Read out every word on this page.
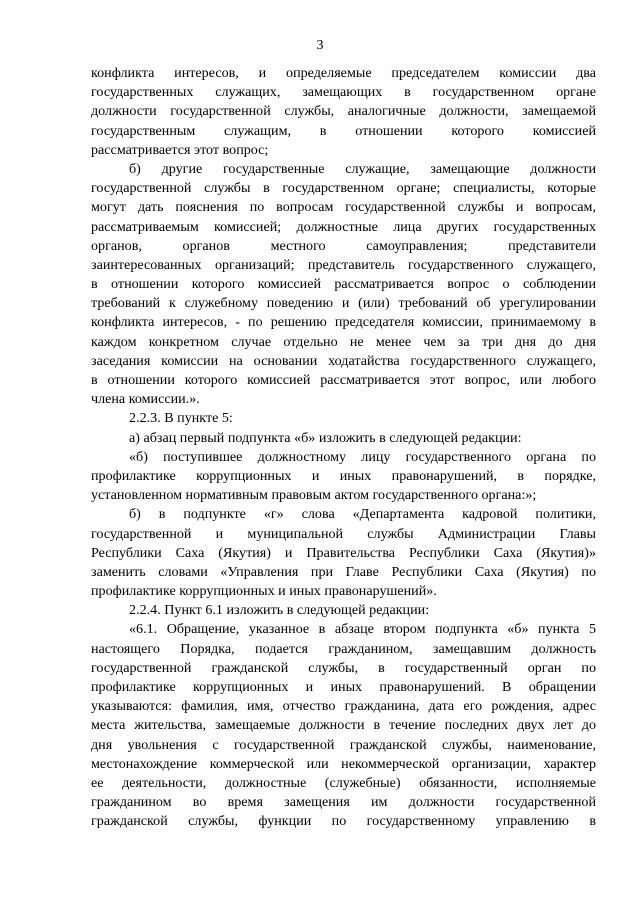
3
конфликта интересов, и определяемые председателем комиссии два
государственных служащих, замещающих в государственном органе
должности государственной службы, аналогичные должности, замещаемой
государственным служащим, в отношении которого комиссией
рассматривается этот вопрос;
б) другие государственные служащие, замещающие должности
государственной службы в государственном органе; специалисты, которые
могут дать пояснения по вопросам государственной службы и вопросам,
рассматриваемым комиссией; должностные лица других государственных
органов, органов местного самоуправления; представители
заинтересованных организаций; представитель государственного служащего,
в отношении которого комиссией рассматривается вопрос о соблюдении
требований к служебному поведению и (или) требований об урегулировании
конфликта интересов, - по решению председателя комиссии, принимаемому в
каждом конкретном случае отдельно не менее чем за три дня до дня
заседания комиссии на основании ходатайства государственного служащего,
в отношении которого комиссией рассматривается этот вопрос, или любого
члена комиссии.».
2.2.3. В пункте 5:
а) абзац первый подпункта «б» изложить в следующей редакции:
«б) поступившее должностному лицу государственного органа по
профилактике коррупционных и иных правонарушений, в порядке,
установленном нормативным правовым актом государственного органа:»;
б) в подпункте «г» слова «Департамента кадровой политики,
государственной и муниципальной службы Администрации Главы
Республики Саха (Якутия) и Правительства Республики Саха (Якутия)»
заменить словами «Управления при Главе Республики Саха (Якутия) по
профилактике коррупционных и иных правонарушений».
2.2.4. Пункт 6.1 изложить в следующей редакции:
«6.1. Обращение, указанное в абзаце втором подпункта «б» пункта 5
настоящего Порядка, подается гражданином, замещавшим должность
государственной гражданской службы, в государственный орган по
профилактике коррупционных и иных правонарушений. В обращении
указываются: фамилия, имя, отчество гражданина, дата его рождения, адрес
места жительства, замещаемые должности в течение последних двух лет до
дня увольнения с государственной гражданской службы, наименование,
местонахождение коммерческой или некоммерческой организации, характер
ее деятельности, должностные (служебные) обязанности, исполняемые
гражданином во время замещения им должности государственной
гражданской службы, функции по государственному управлению в
